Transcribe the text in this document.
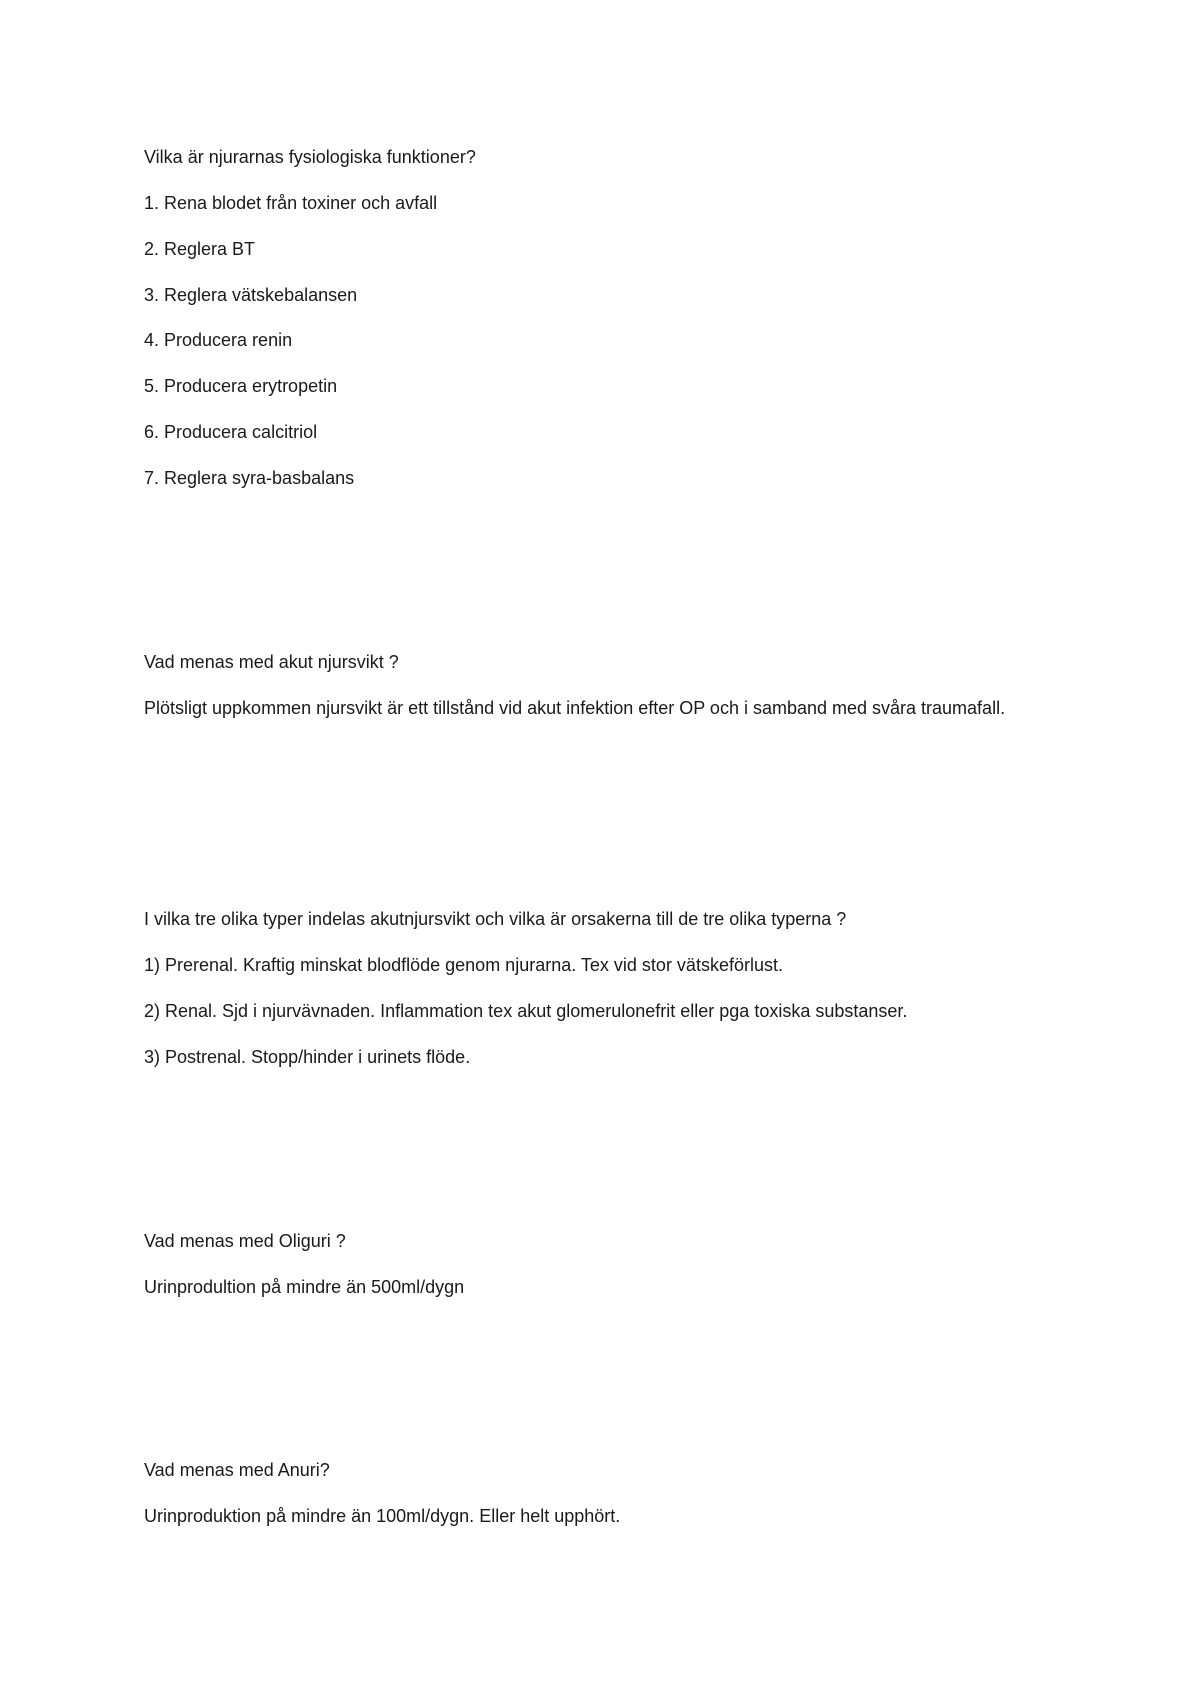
Vilka är njurarnas fysiologiska funktioner?

1. Rena blodet från toxiner och avfall

2. Reglera BT

3. Reglera vätskebalansen

4. Producera renin

5. Producera erytropetin

6. Producera calcitriol

7. Reglera syra-basbalans

Vad menas med akut njursvikt ?

Plötsligt uppkommen njursvikt är ett tillstånd vid akut infektion efter OP och i samband med svåra traumafall.

I vilka tre olika typer indelas akutnjursvikt och vilka är orsakerna till de tre olika typerna ?

1) Prerenal. Kraftig minskat blodflöde genom njurarna. Tex vid stor vätskeförlust.

2) Renal. Sjd i njurvävnaden. Inflammation tex akut glomerulonefrit eller pga toxiska substanser.

3) Postrenal. Stopp/hinder i urinets flöde.

Vad menas med Oliguri ?

Urinprodultion på mindre än 500ml/dygn

Vad menas med Anuri?

Urinproduktion på mindre än 100ml/dygn. Eller helt upphört.
